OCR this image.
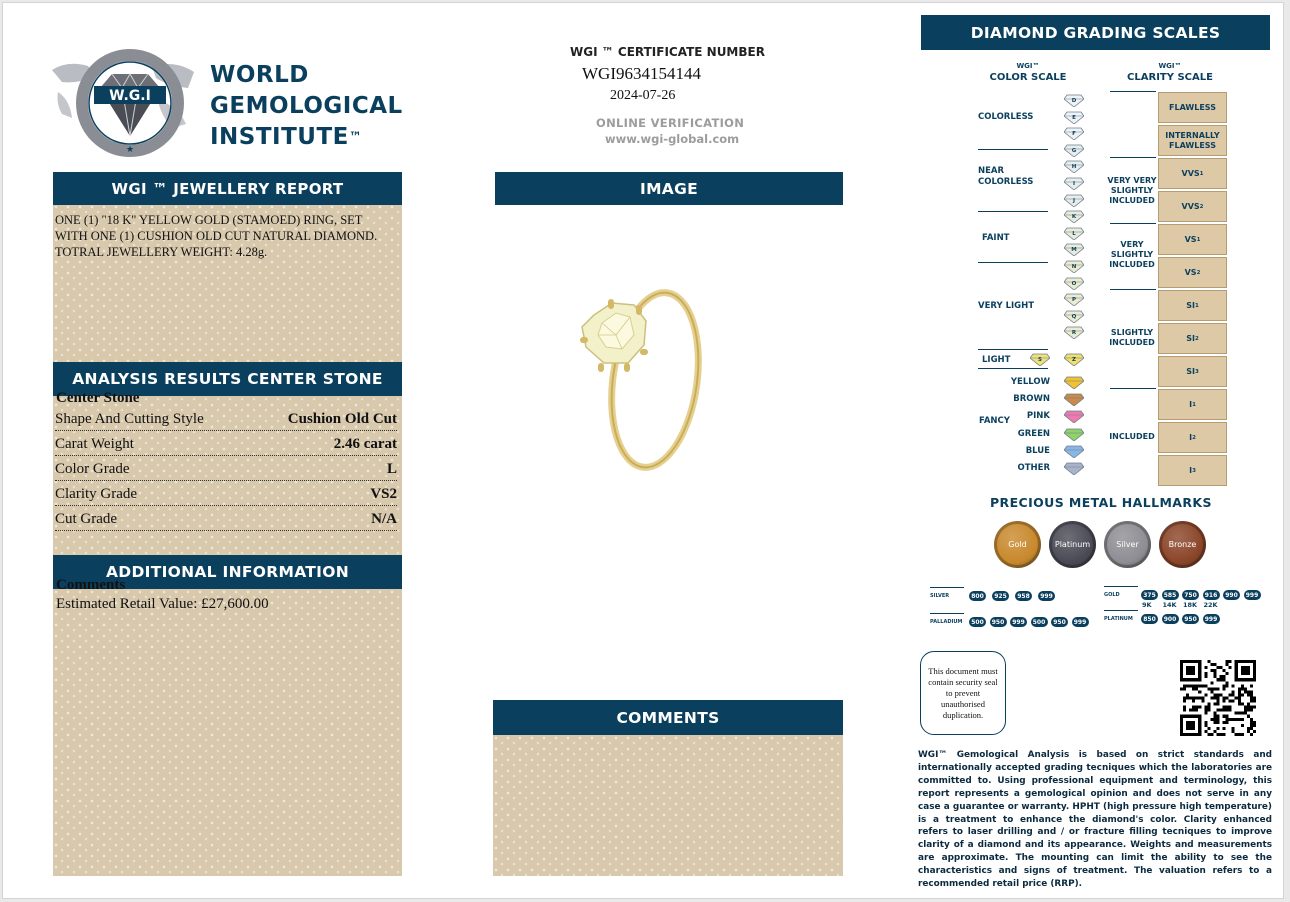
W.G.I
★
WORLD
GEMOLOGICAL
INSTITUTE™
WGI ™ JEWELLERY REPORT
ONE (1) "18 K" YELLOW GOLD (STAMOED) RING, SET WITH ONE (1) CUSHION OLD CUT NATURAL DIAMOND. TOTRAL JEWELLERY WEIGHT: 4.28g.
ANALYSIS RESULTS CENTER STONE
Center Stone
Shape And Cutting Style	Cushion Old Cut
Carat Weight	2.46 carat
Color Grade	L
Clarity Grade	VS2
Cut Grade	N/A
ADDITIONAL INFORMATION
Comments
Estimated Retail Value: £27,600.00
WGI ™ CERTIFICATE NUMBER
WGI9634154144
2024-07-26
ONLINE VERIFICATION
www.wgi-global.com
IMAGE
COMMENTS
DIAMOND GRADING SCALES
WGI™
COLOR SCALE
WGI™
CLARITY SCALE
COLORLESS
NEAR COLORLESS
FAINT
VERY LIGHT
LIGHT
FANCY
D
E
F
G
H
I
J
K
L
M
N
O
P
Q
R
S	Z
YELLOW
BROWN
PINK
GREEN
BLUE
OTHER
VERY VERY SLIGHTLY INCLUDED
VERY SLIGHTLY INCLUDED
SLIGHTLY INCLUDED
INCLUDED
FLAWLESS
INTERNALLY FLAWLESS
VVS 1
VVS 2
VS 1
VS 2
SI 1
SI 2
SI 3
I 1
I 2
I 3
PRECIOUS METAL HALLMARKS
Gold	Platinum	Silver	Bronze
SILVER	800	925	958	999	GOLD	375	585	750	916	990	999
PALLADIUM	500	950	999	500	950	999	PLATINUM	850	900	950	999
9K 14K 18K 22K
This document must contain security seal to prevent unauthorised duplication.
WGI™ Gemological Analysis is based on strict standards and internationally accepted grading tecniques which the laboratories are committed to. Using professional equipment and terminology, this report represents a gemological opinion and does not serve in any case a guarantee or warranty. HPHT (high pressure high temperature) is a treatment to enhance the diamond's color. Clarity enhanced refers to laser drilling and / or fracture filling tecniques to improve clarity of a diamond and its appearance. Weights and measurements are approximate. The mounting can limit the ability to see the characteristics and signs of treatment. The valuation refers to a recommended retail price (RRP).
